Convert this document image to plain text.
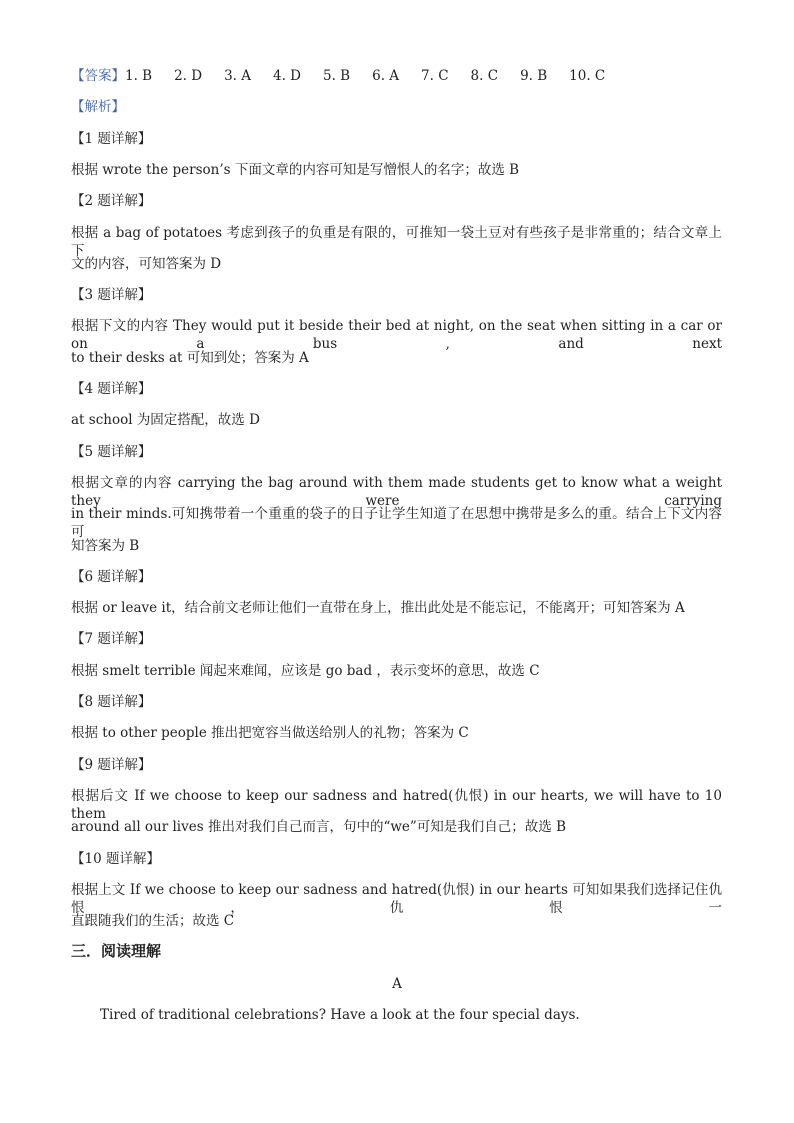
【答案】1. B 2. D 3. A 4. D 5. B 6. A 7. C 8. C 9. B 10. C
【解析】
【1 题详解】
根据 wrote the person’s 下面文章的内容可知是写憎恨人的名字；故选 B
【2 题详解】
根据 a bag of potatoes 考虑到孩子的负重是有限的，可推知一袋土豆对有些孩子是非常重的；结合文章上下
文的内容，可知答案为 D
【3 题详解】
根据下文的内容 They would put it beside their bed at night, on the seat when sitting in a car or on a bus , and next
to their desks at 可知到处；答案为 A
【4 题详解】
at school 为固定搭配，故选 D
【5 题详解】
根据文章的内容 carrying the bag around with them made students get to know what a weight they were carrying
in their minds.可知携带着一个重重的袋子的日子让学生知道了在思想中携带是多么的重。结合上下文内容可
知答案为 B
【6 题详解】
根据 or leave it，结合前文老师让他们一直带在身上，推出此处是不能忘记，不能离开；可知答案为 A
【7 题详解】
根据 smelt terrible 闻起来难闻，应该是 go bad ，表示变坏的意思，故选 C
【8 题详解】
根据 to other people 推出把宽容当做送给别人的礼物；答案为 C
【9 题详解】
根据后文 If we choose to keep our sadness and hatred(仇恨) in our hearts, we will have to 10 them
around all our lives 推出对我们自己而言，句中的“we”可知是我们自己；故选 B
【10 题详解】
根据上文 If we choose to keep our sadness and hatred(仇恨) in our hearts 可知如果我们选择记住仇恨，仇恨一
直跟随我们的生活；故选 C
三．阅读理解
A
Tired of traditional celebrations? Have a look at the four special days.
